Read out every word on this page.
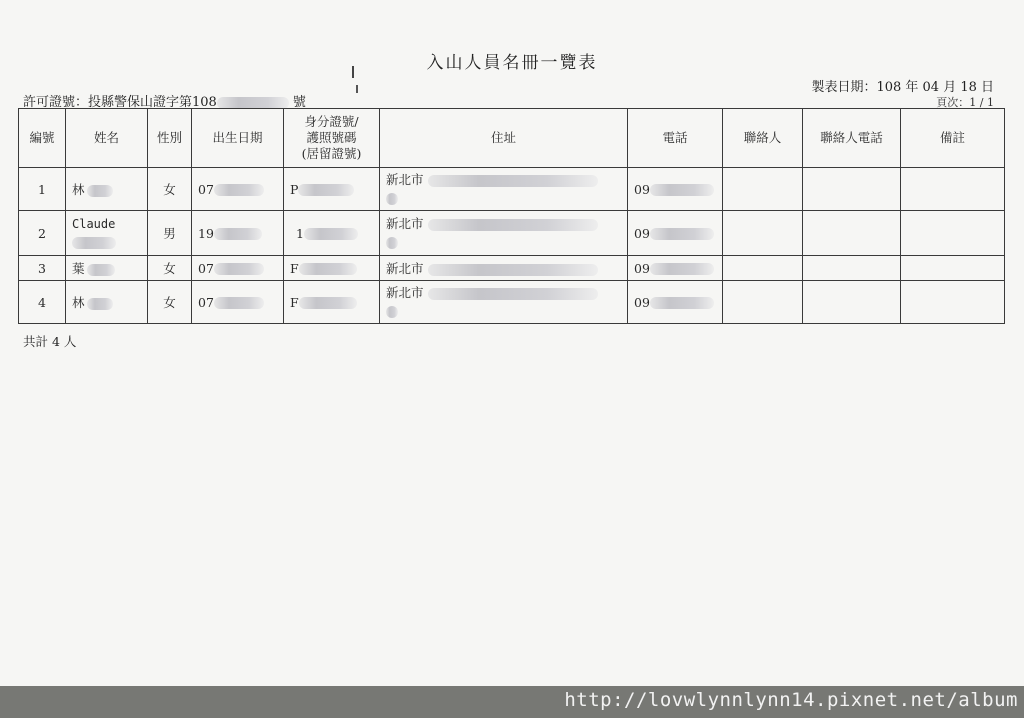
入山人員名冊一覽表
製表日期：108 年 04 月 18 日
許可證號：投縣警保山證字第108	號	頁次：1 / 1
編號	姓名	性別	出生日期	身分證號/
護照號碼
(居留證號)	住址	電話	聯絡人	聯絡人電話	備註
1	林	女	07	P	新北市	09			
2	Claude	男	19	1	新北市	09			
3	葉	女	07	F	新北市	09			
4	林	女	07	F	新北市	09			
共計 4 人
http://lovwlynnlynn14.pixnet.net/album
